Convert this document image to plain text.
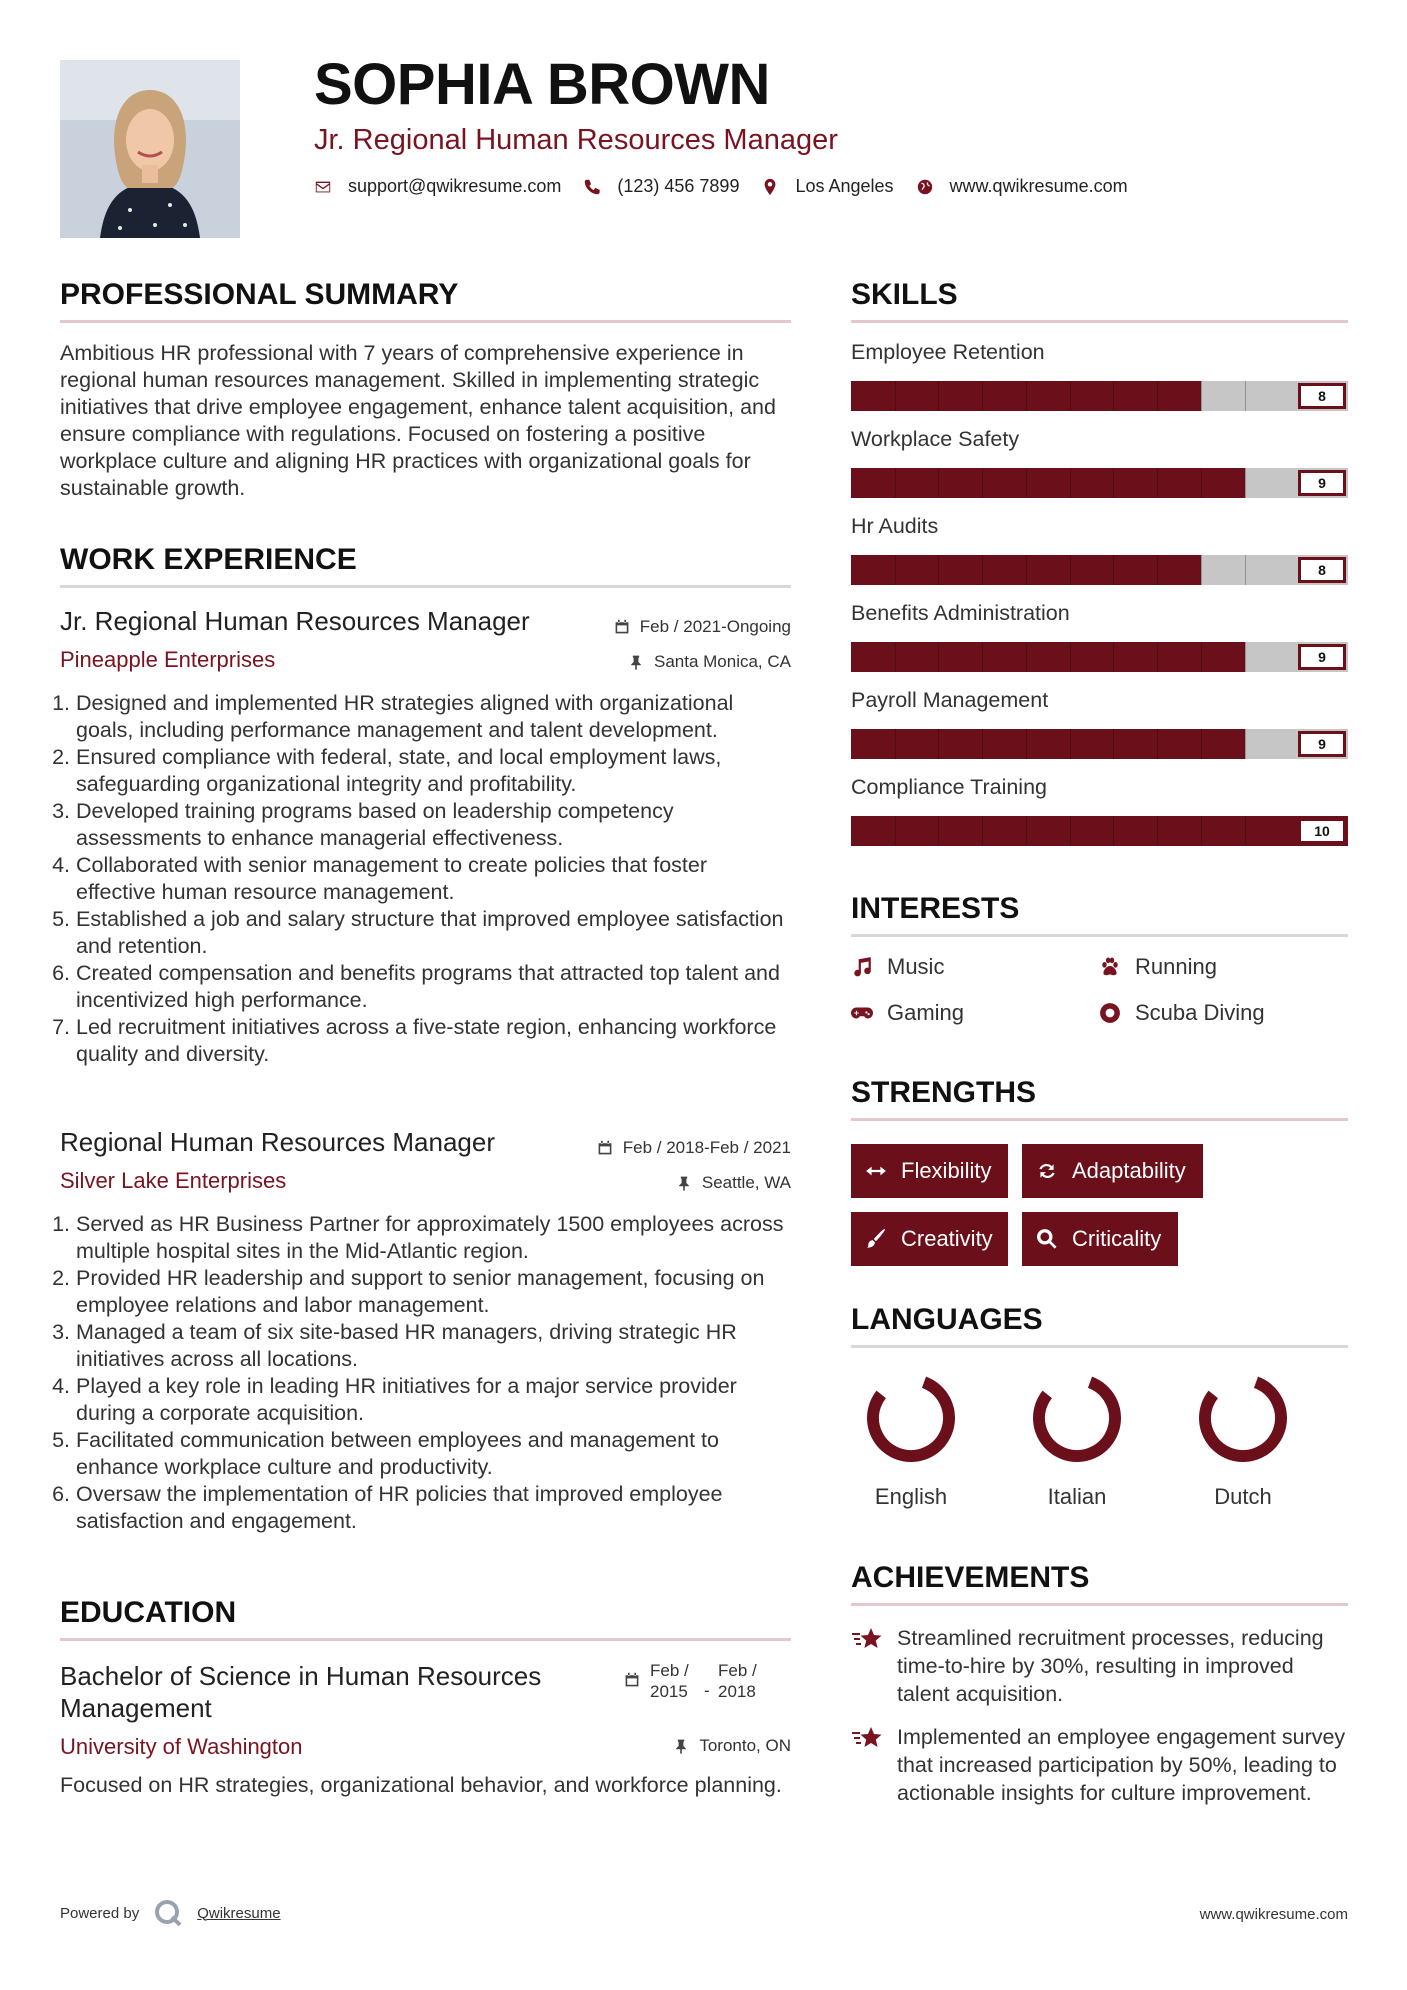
SOPHIA BROWN
Jr. Regional Human Resources Manager
support@qwikresume.com	(123) 456 7899	Los Angeles	www.qwikresume.com
PROFESSIONAL SUMMARY
Ambitious HR professional with 7 years of comprehensive experience in regional human resources management. Skilled in implementing strategic initiatives that drive employee engagement, enhance talent acquisition, and ensure compliance with regulations. Focused on fostering a positive workplace culture and aligning HR practices with organizational goals for sustainable growth.
WORK EXPERIENCE
Jr. Regional Human Resources Manager	Feb / 2021-Ongoing
Pineapple Enterprises	Santa Monica, CA
1. Designed and implemented HR strategies aligned with organizational goals, including performance management and talent development.
2. Ensured compliance with federal, state, and local employment laws, safeguarding organizational integrity and profitability.
3. Developed training programs based on leadership competency assessments to enhance managerial effectiveness.
4. Collaborated with senior management to create policies that foster effective human resource management.
5. Established a job and salary structure that improved employee satisfaction and retention.
6. Created compensation and benefits programs that attracted top talent and incentivized high performance.
7. Led recruitment initiatives across a five-state region, enhancing workforce quality and diversity.
Regional Human Resources Manager	Feb / 2018-Feb / 2021
Silver Lake Enterprises	Seattle, WA
1. Served as HR Business Partner for approximately 1500 employees across multiple hospital sites in the Mid-Atlantic region.
2. Provided HR leadership and support to senior management, focusing on employee relations and labor management.
3. Managed a team of six site-based HR managers, driving strategic HR initiatives across all locations.
4. Played a key role in leading HR initiatives for a major service provider during a corporate acquisition.
5. Facilitated communication between employees and management to enhance workplace culture and productivity.
6. Oversaw the implementation of HR policies that improved employee satisfaction and engagement.
EDUCATION
Bachelor of Science in Human Resources Management
Feb / 2015 -
Feb / 2018
University of Washington	Toronto, ON
Focused on HR strategies, organizational behavior, and workforce planning.
SKILLS
Employee Retention
8
Workplace Safety
9
Hr Audits
8
Benefits Administration
9
Payroll Management
9
Compliance Training
10
INTERESTS
Music	Running
Gaming	Scuba Diving
STRENGTHS
Flexibility	Adaptability
Creativity	Criticality
LANGUAGES
English	Italian	Dutch
ACHIEVEMENTS
Streamlined recruitment processes, reducing time-to-hire by 30%, resulting in improved talent acquisition.
Implemented an employee engagement survey that increased participation by 50%, leading to actionable insights for culture improvement.
Powered by	Qwikresume	www.qwikresume.com
